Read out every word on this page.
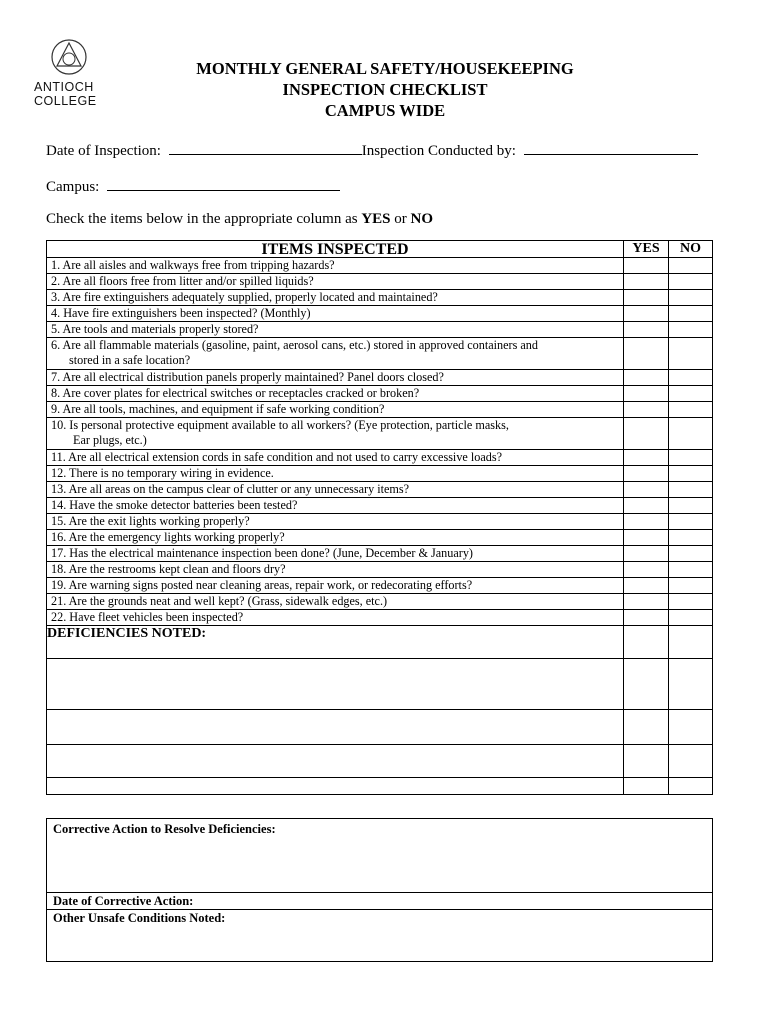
ANTIOCH
COLLEGE
MONTHLY GENERAL SAFETY/HOUSEKEEPING
INSPECTION CHECKLIST
CAMPUS WIDE
Date of Inspection:	Inspection Conducted by:
Campus:
Check the items below in the appropriate column as YES or NO
ITEMS INSPECTED	YES	NO
1. Are all aisles and walkways free from tripping hazards?		
2. Are all floors free from litter and/or spilled liquids?		
3. Are fire extinguishers adequately supplied, properly located and maintained?		
4. Have fire extinguishers been inspected? (Monthly)		
5. Are tools and materials properly stored?		
6. Are all flammable materials (gasoline, paint, aerosol cans, etc.) stored in approved containers and
stored in a safe location?		

7. Are all electrical distribution panels properly maintained? Panel doors closed?		
8. Are cover plates for electrical switches or receptacles cracked or broken?		
9. Are all tools, machines, and equipment if safe working condition?		
10. Is personal protective equipment available to all workers? (Eye protection, particle masks,
Ear plugs, etc.)		

11. Are all electrical extension cords in safe condition and not used to carry excessive loads?		
12. There is no temporary wiring in evidence.		
13. Are all areas on the campus clear of clutter or any unnecessary items?		
14. Have the smoke detector batteries been tested?		
15. Are the exit lights working properly?		
16. Are the emergency lights working properly?		
17. Has the electrical maintenance inspection been done? (June, December & January)		
18. Are the restrooms kept clean and floors dry?		
19. Are warning signs posted near cleaning areas, repair work, or redecorating efforts?		
21. Are the grounds neat and well kept? (Grass, sidewalk edges, etc.)		
22. Have fleet vehicles been inspected?		
DEFICIENCIES NOTED:		

Corrective Action to Resolve Deficiencies:
Date of Corrective Action:
Other Unsafe Conditions Noted:
